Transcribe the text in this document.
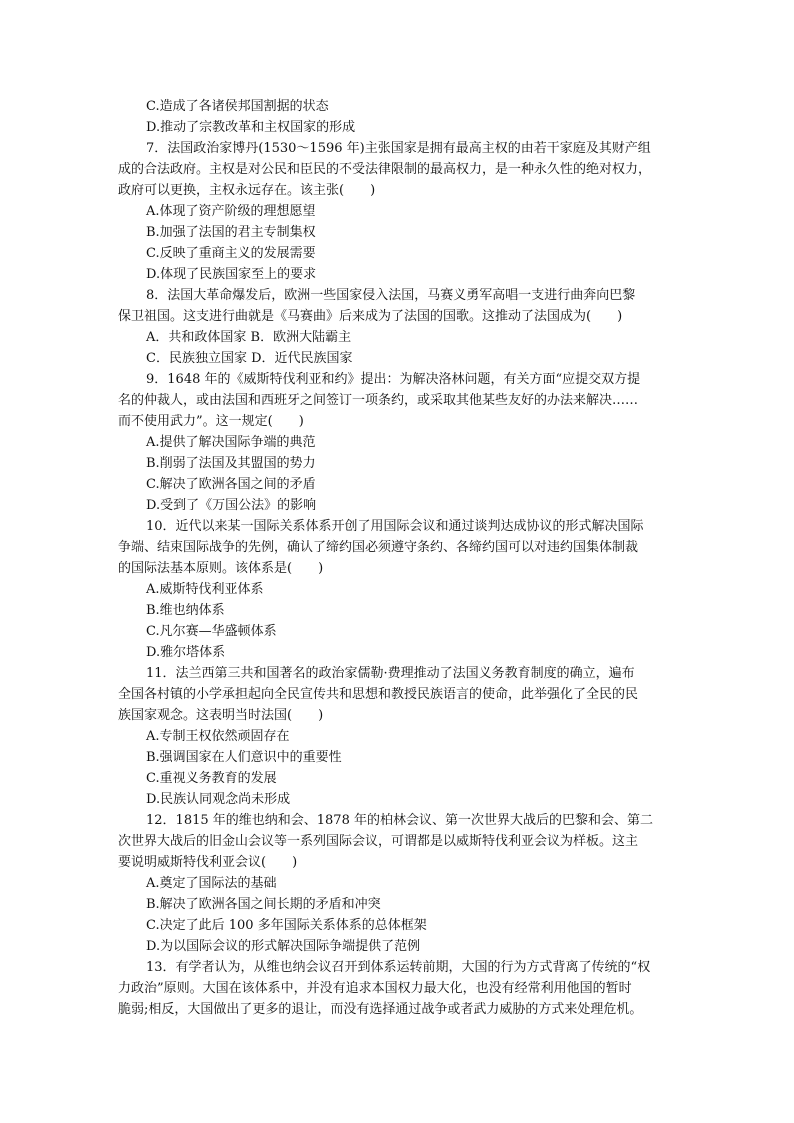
C.造成了各诸侯邦国割据的状态
D.推动了宗教改革和主权国家的形成
7．法国政治家博丹(1530～1596 年)主张国家是拥有最高主权的由若干家庭及其财产组
成的合法政府。主权是对公民和臣民的不受法律限制的最高权力，是一种永久性的绝对权力，
政府可以更换，主权永远存在。该主张(　　)
A.体现了资产阶级的理想愿望
B.加强了法国的君主专制集权
C.反映了重商主义的发展需要
D.体现了民族国家至上的要求
8．法国大革命爆发后，欧洲一些国家侵入法国，马赛义勇军高唱一支进行曲奔向巴黎
保卫祖国。这支进行曲就是《马赛曲》后来成为了法国的国歌。这推动了法国成为(　　)
A．共和政体国家 B．欧洲大陆霸主
C．民族独立国家 D．近代民族国家
9．1648 年的《威斯特伐利亚和约》提出：为解决洛林问题，有关方面“应提交双方提
名的仲裁人，或由法国和西班牙之间签订一项条约，或采取其他某些友好的办法来解决……
而不使用武力”。这一规定(　　)
A.提供了解决国际争端的典范
B.削弱了法国及其盟国的势力
C.解决了欧洲各国之间的矛盾
D.受到了《万国公法》的影响
10．近代以来某一国际关系体系开创了用国际会议和通过谈判达成协议的形式解决国际
争端、结束国际战争的先例，确认了缔约国必须遵守条约、各缔约国可以对违约国集体制裁
的国际法基本原则。该体系是(　　)
A.威斯特伐利亚体系
B.维也纳体系
C.凡尔赛—华盛顿体系
D.雅尔塔体系
11．法兰西第三共和国著名的政治家儒勒·费理推动了法国义务教育制度的确立，遍布
全国各村镇的小学承担起向全民宣传共和思想和教授民族语言的使命，此举强化了全民的民
族国家观念。这表明当时法国(　　)
A.专制王权依然顽固存在
B.强调国家在人们意识中的重要性
C.重视义务教育的发展
D.民族认同观念尚未形成
12．1815 年的维也纳和会、1878 年的柏林会议、第一次世界大战后的巴黎和会、第二
次世界大战后的旧金山会议等一系列国际会议，可谓都是以威斯特伐利亚会议为样板。这主
要说明威斯特伐利亚会议(　　)
A.奠定了国际法的基础
B.解决了欧洲各国之间长期的矛盾和冲突
C.决定了此后 100 多年国际关系体系的总体框架
D.为以国际会议的形式解决国际争端提供了范例
13．有学者认为，从维也纳会议召开到体系运转前期，大国的行为方式背离了传统的“权
力政治”原则。大国在该体系中，并没有追求本国权力最大化，也没有经常利用他国的暂时
脆弱;相反，大国做出了更多的退让，而没有选择通过战争或者武力威胁的方式来处理危机。
